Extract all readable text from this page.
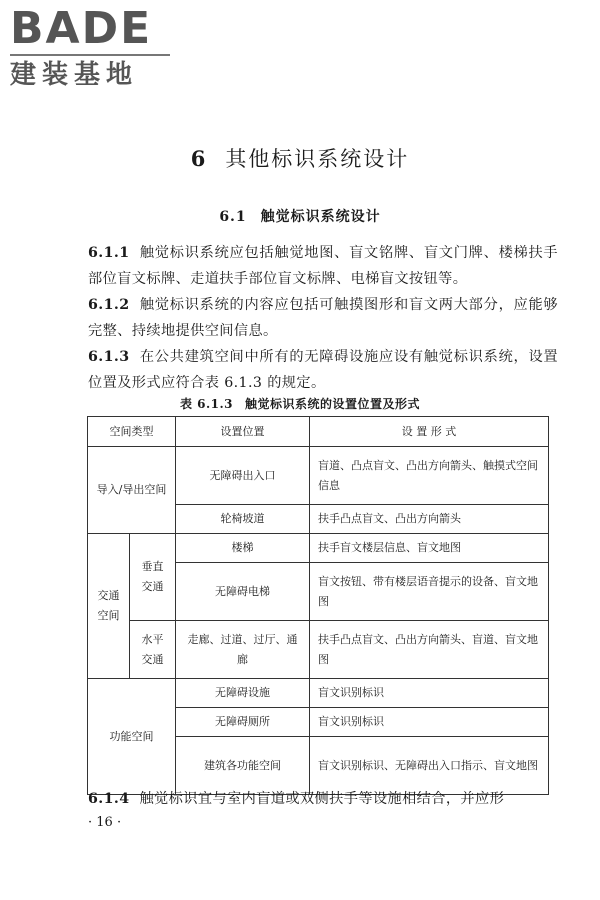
BADE
建装基地
6 其他标识系统设计
6.1 触觉标识系统设计
6.1.1 触觉标识系统应包括触觉地图、盲文铭牌、盲文门牌、楼梯扶手部位盲文标牌、走道扶手部位盲文标牌、电梯盲文按钮等。
6.1.2 触觉标识系统的内容应包括可触摸图形和盲文两大部分，应能够完整、持续地提供空间信息。
6.1.3 在公共建筑空间中所有的无障碍设施应设有触觉标识系统，设置位置及形式应符合表 6.1.3 的规定。
表 6.1.3 触觉标识系统的设置位置及形式
空间类型		设置位置	设 置 形 式
导入/导出空间		无障碍出入口	盲道、凸点盲文、凸出方向箭头、触摸式空间信息
		轮椅坡道	扶手凸点盲文、凸出方向箭头
交通空间	垂直交通	楼梯	扶手盲文楼层信息、盲文地图
		无障碍电梯	盲文按钮、带有楼层语音提示的设备、盲文地图
	水平交通	走廊、过道、过厅、通廊	扶手凸点盲文、凸出方向箭头、盲道、盲文地图
功能空间		无障碍设施	盲文识别标识
		无障碍厕所	盲文识别标识
		建筑各功能空间	盲文识别标识、无障碍出入口指示、盲文地图
6.1.4 触觉标识宜与室内盲道或双侧扶手等设施相结合，并应形
· 16 ·
